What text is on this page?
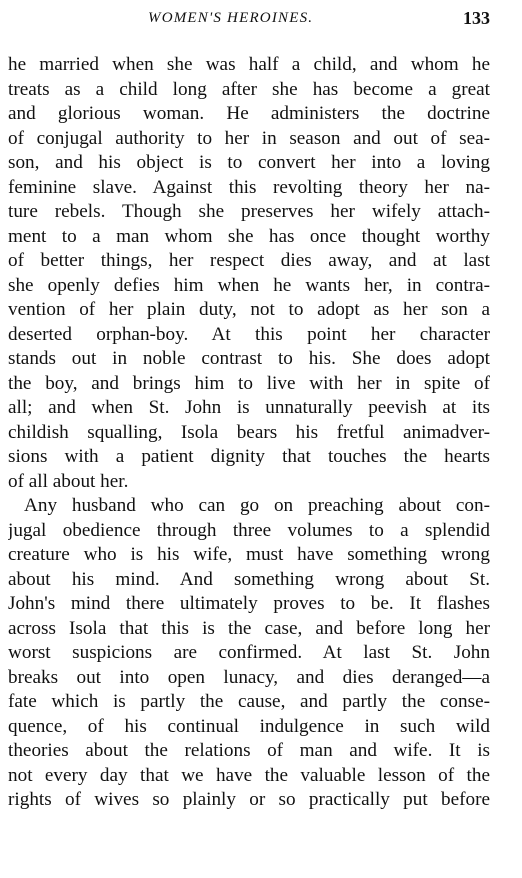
WOMEN'S HEROINES.	133
he married when she was half a child, and whom he
treats as a child long after she has become a great
and glorious woman. He administers the doctrine
of conjugal authority to her in season and out of sea-
son, and his object is to convert her into a loving
feminine slave. Against this revolting theory her na-
ture rebels. Though she preserves her wifely attach-
ment to a man whom she has once thought worthy
of better things, her respect dies away, and at last
she openly defies him when he wants her, in contra-
vention of her plain duty, not to adopt as her son a
deserted orphan-boy. At this point her character
stands out in noble contrast to his. She does adopt
the boy, and brings him to live with her in spite of
all; and when St. John is unnaturally peevish at its
childish squalling, Isola bears his fretful animadver-
sions with a patient dignity that touches the hearts
of all about her.
Any husband who can go on preaching about con-
jugal obedience through three volumes to a splendid
creature who is his wife, must have something wrong
about his mind. And something wrong about St.
John's mind there ultimately proves to be. It flashes
across Isola that this is the case, and before long her
worst suspicions are confirmed. At last St. John
breaks out into open lunacy, and dies deranged—a
fate which is partly the cause, and partly the conse-
quence, of his continual indulgence in such wild
theories about the relations of man and wife. It is
not every day that we have the valuable lesson of the
rights of wives so plainly or so practically put before
